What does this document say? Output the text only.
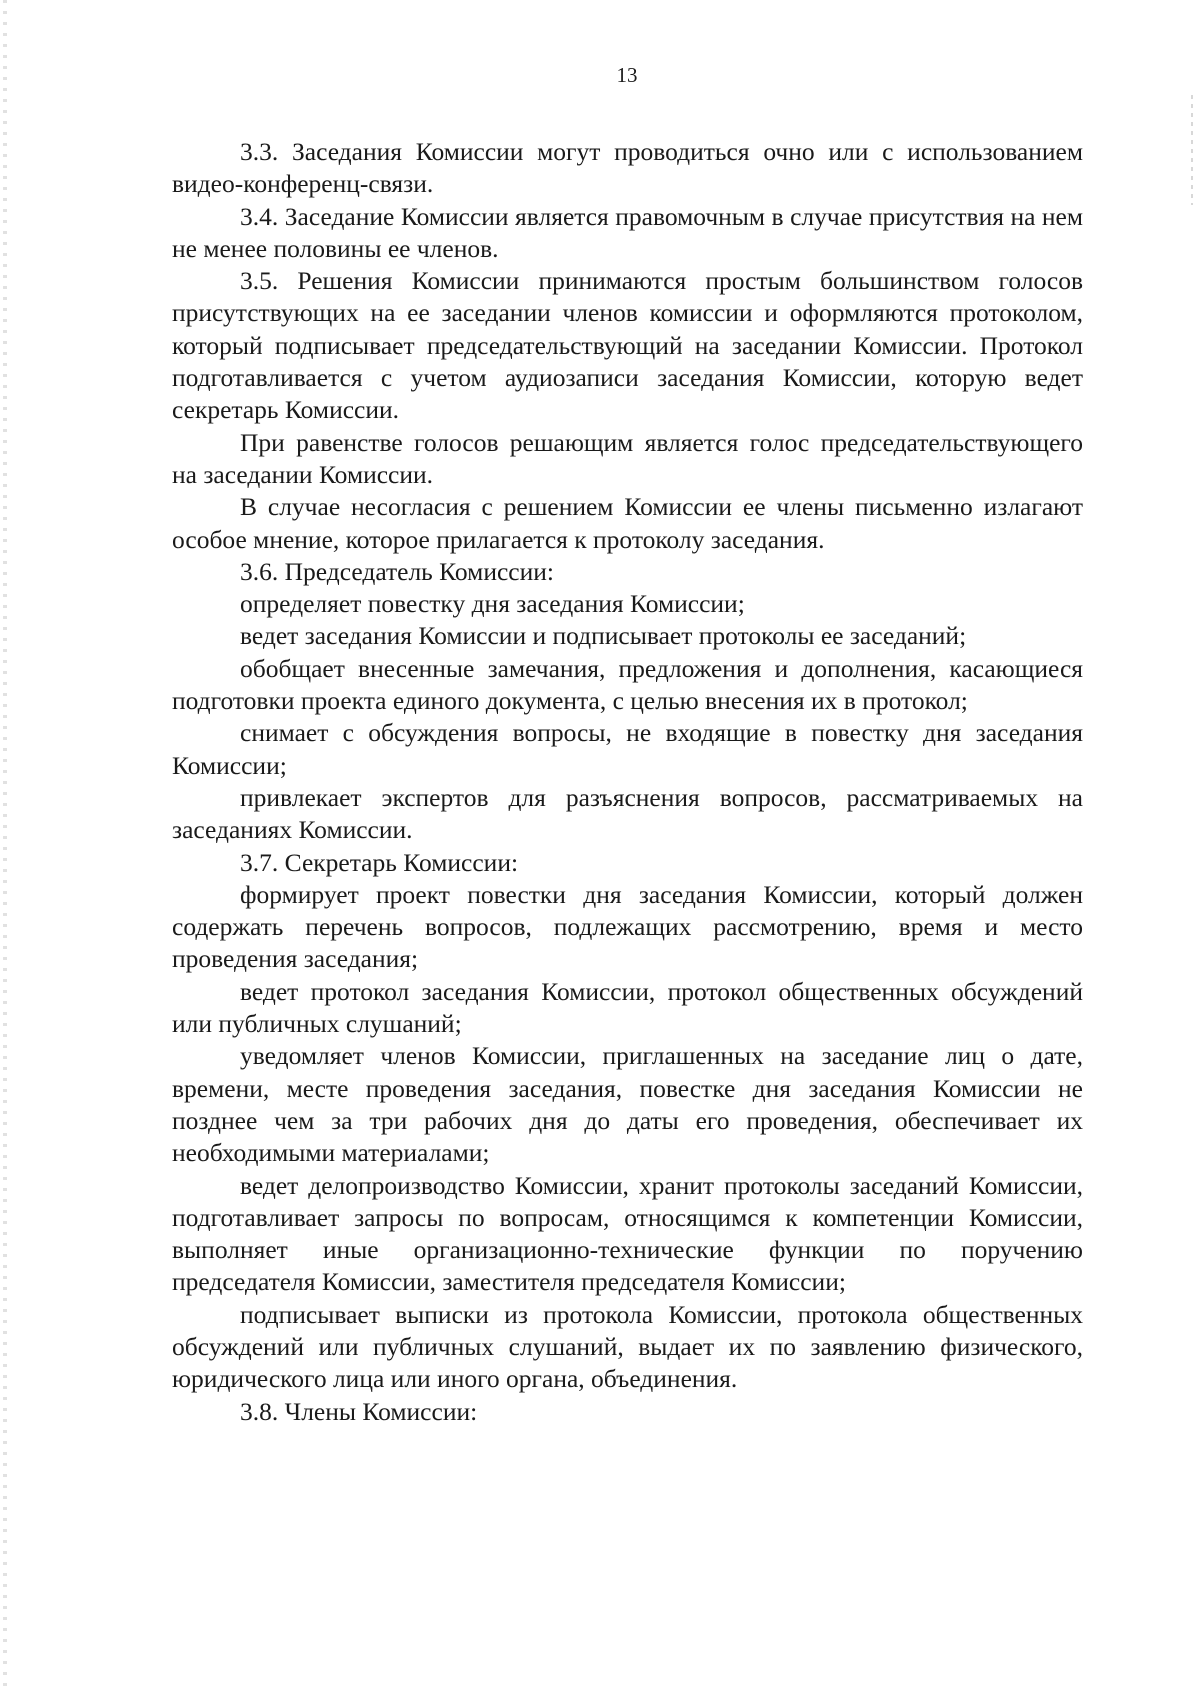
13

3.3. Заседания Комиссии могут проводиться очно или с использованием видео-конференц-связи.

3.4. Заседание Комиссии является правомочным в случае присутствия на нем не менее половины ее членов.

3.5. Решения Комиссии принимаются простым большинством голосов присутствующих на ее заседании членов комиссии и оформляются протоколом, который подписывает председательствующий на заседании Комиссии. Протокол подготавливается с учетом аудиозаписи заседания Комиссии, которую ведет секретарь Комиссии.

При равенстве голосов решающим является голос председательствующего на заседании Комиссии.

В случае несогласия с решением Комиссии ее члены письменно излагают особое мнение, которое прилагается к протоколу заседания.

3.6. Председатель Комиссии:

определяет повестку дня заседания Комиссии;

ведет заседания Комиссии и подписывает протоколы ее заседаний;

обобщает внесенные замечания, предложения и дополнения, касающиеся подготовки проекта единого документа, с целью внесения их в протокол;

снимает с обсуждения вопросы, не входящие в повестку дня заседания Комиссии;

привлекает экспертов для разъяснения вопросов, рассматриваемых на заседаниях Комиссии.

3.7. Секретарь Комиссии:

формирует проект повестки дня заседания Комиссии, который должен содержать перечень вопросов, подлежащих рассмотрению, время и место проведения заседания;

ведет протокол заседания Комиссии, протокол общественных обсуждений или публичных слушаний;

уведомляет членов Комиссии, приглашенных на заседание лиц о дате, времени, месте проведения заседания, повестке дня заседания Комиссии не позднее чем за три рабочих дня до даты его проведения, обеспечивает их необходимыми материалами;

ведет делопроизводство Комиссии, хранит протоколы заседаний Комиссии, подготавливает запросы по вопросам, относящимся к компетенции Комиссии, выполняет иные организационно-технические функции по поручению председателя Комиссии, заместителя председателя Комиссии;

подписывает выписки из протокола Комиссии, протокола общественных обсуждений или публичных слушаний, выдает их по заявлению физического, юридического лица или иного органа, объединения.

3.8. Члены Комиссии:
